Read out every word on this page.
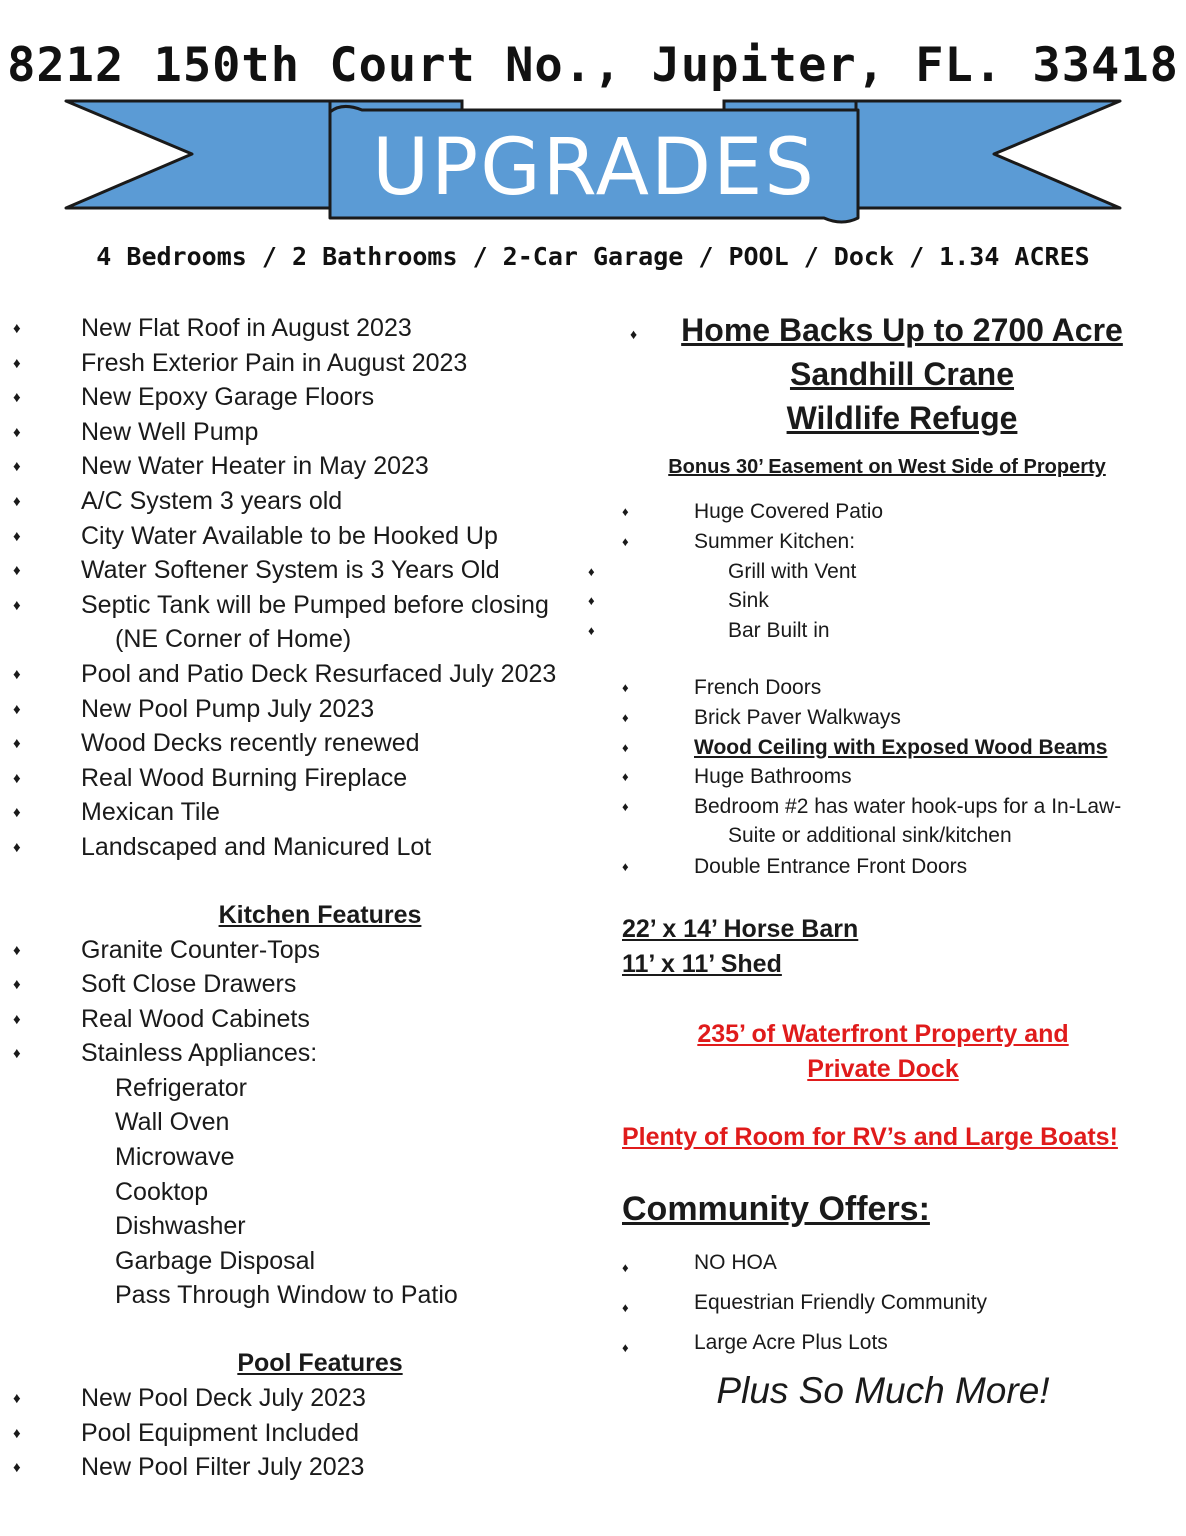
8212 150th Court No., Jupiter, FL. 33418
UPGRADES
4 Bedrooms / 2 Bathrooms / 2-Car Garage / POOL / Dock / 1.34 ACRES
♦ New Flat Roof in August 2023
♦ Fresh Exterior Pain in August 2023
♦ New Epoxy Garage Floors
♦ New Well Pump
♦ New Water Heater in May 2023
♦ A/C System 3 years old
♦ City Water Available to be Hooked Up
♦ Water Softener System is 3 Years Old
♦ Septic Tank will be Pumped before closing
(NE Corner of Home)
♦ Pool and Patio Deck Resurfaced July 2023
♦ New Pool Pump July 2023
♦ Wood Decks recently renewed
♦ Real Wood Burning Fireplace
♦ Mexican Tile
♦ Landscaped and Manicured Lot
Kitchen Features
♦ Granite Counter-Tops
♦ Soft Close Drawers
♦ Real Wood Cabinets
♦ Stainless Appliances:
Refrigerator
Wall Oven
Microwave
Cooktop
Dishwasher
Garbage Disposal
Pass Through Window to Patio
Pool Features
♦ New Pool Deck July 2023
♦ Pool Equipment Included
♦ New Pool Filter July 2023
♦	Home Backs Up to 2700 Acre
Sandhill Crane
Wildlife Refuge
Bonus 30’ Easement on West Side of Property
♦	Huge Covered Patio
♦	Summer Kitchen:
♦	Grill with Vent
♦	Sink
♦	Bar Built in
♦	French Doors
♦	Brick Paver Walkways
♦	Wood Ceiling with Exposed Wood Beams
♦	Huge Bathrooms
♦	Bedroom #2 has water hook-ups for a In-Law-
Suite or additional sink/kitchen
♦	Double Entrance Front Doors
22’ x 14’ Horse Barn
11’ x 11’ Shed
235’ of Waterfront Property and
Private Dock
Plenty of Room for RV’s and Large Boats!
Community Offers:
♦	NO HOA
♦	Equestrian Friendly Community
♦	Large Acre Plus Lots
Plus So Much More!
